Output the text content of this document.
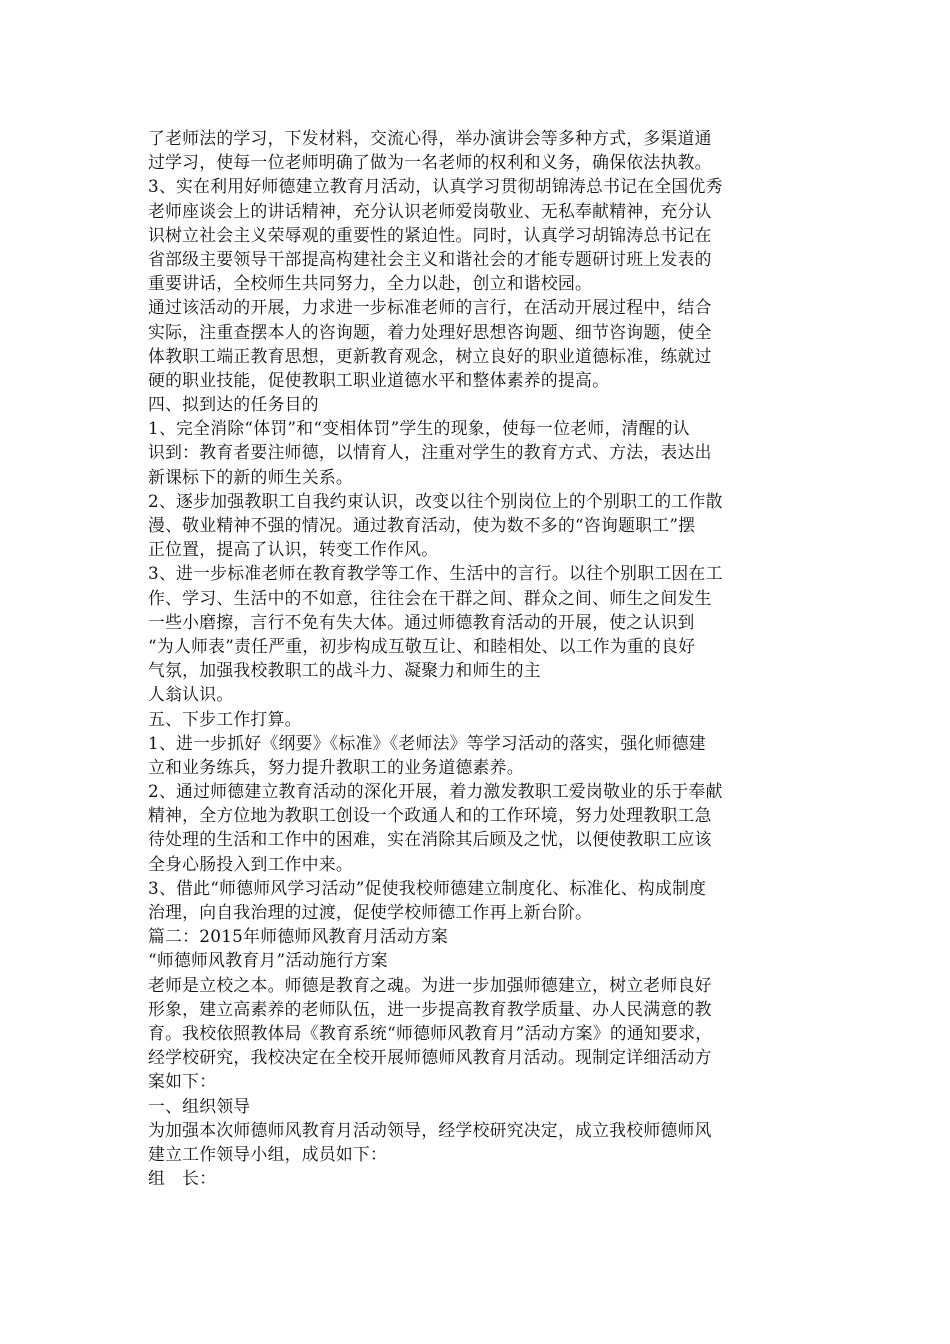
了老师法的学习，下发材料，交流心得，举办演讲会等多种方式，多渠道通
过学习，使每一位老师明确了做为一名老师的权利和义务，确保依法执教。
3、实在利用好师德建立教育月活动，认真学习贯彻胡锦涛总书记在全国优秀
老师座谈会上的讲话精神，充分认识老师爱岗敬业、无私奉献精神，充分认
识树立社会主义荣辱观的重要性的紧迫性。同时，认真学习胡锦涛总书记在
省部级主要领导干部提高构建社会主义和谐社会的才能专题研讨班上发表的
重要讲话，全校师生共同努力，全力以赴，创立和谐校园。
通过该活动的开展，力求进一步标准老师的言行，在活动开展过程中，结合
实际，注重查摆本人的咨询题，着力处理好思想咨询题、细节咨询题，使全
体教职工端正教育思想，更新教育观念，树立良好的职业道德标准，练就过
硬的职业技能，促使教职工职业道德水平和整体素养的提高。
四、拟到达的任务目的
1、完全消除“体罚”和“变相体罚”学生的现象，使每一位老师，清醒的认
识到：教育者要注师德，以情育人，注重对学生的教育方式、方法，表达出
新课标下的新的师生关系。
2、逐步加强教职工自我约束认识，改变以往个别岗位上的个别职工的工作散
漫、敬业精神不强的情况。通过教育活动，使为数不多的“咨询题职工”摆
正位置，提高了认识，转变工作作风。
3、进一步标准老师在教育教学等工作、生活中的言行。以往个别职工因在工
作、学习、生活中的不如意，往往会在干群之间、群众之间、师生之间发生
一些小磨擦，言行不免有失大体。通过师德教育活动的开展，使之认识到
“为人师表”责任严重，初步构成互敬互让、和睦相处、以工作为重的良好
气氛，加强我校教职工的战斗力、凝聚力和师生的主
人翁认识。
五、下步工作打算。
1、进一步抓好《纲要》《标准》《老师法》等学习活动的落实，强化师德建
立和业务练兵，努力提升教职工的业务道德素养。
2、通过师德建立教育活动的深化开展，着力激发教职工爱岗敬业的乐于奉献
精神，全方位地为教职工创设一个政通人和的工作环境，努力处理教职工急
待处理的生活和工作中的困难，实在消除其后顾及之忧，以便使教职工应该
全身心肠投入到工作中来。
3、借此“师德师风学习活动”促使我校师德建立制度化、标准化、构成制度
治理，向自我治理的过渡，促使学校师德工作再上新台阶。
篇二：2015年师德师风教育月活动方案
“师德师风教育月”活动施行方案
老师是立校之本。师德是教育之魂。为进一步加强师德建立，树立老师良好
形象，建立高素养的老师队伍，进一步提高教育教学质量、办人民满意的教
育。我校依照教体局《教育系统“师德师风教育月”活动方案》的通知要求，
经学校研究，我校决定在全校开展师德师风教育月活动。现制定详细活动方
案如下：
一、组织领导
为加强本次师德师风教育月活动领导，经学校研究决定，成立我校师德师风
建立工作领导小组，成员如下：
组　长：
